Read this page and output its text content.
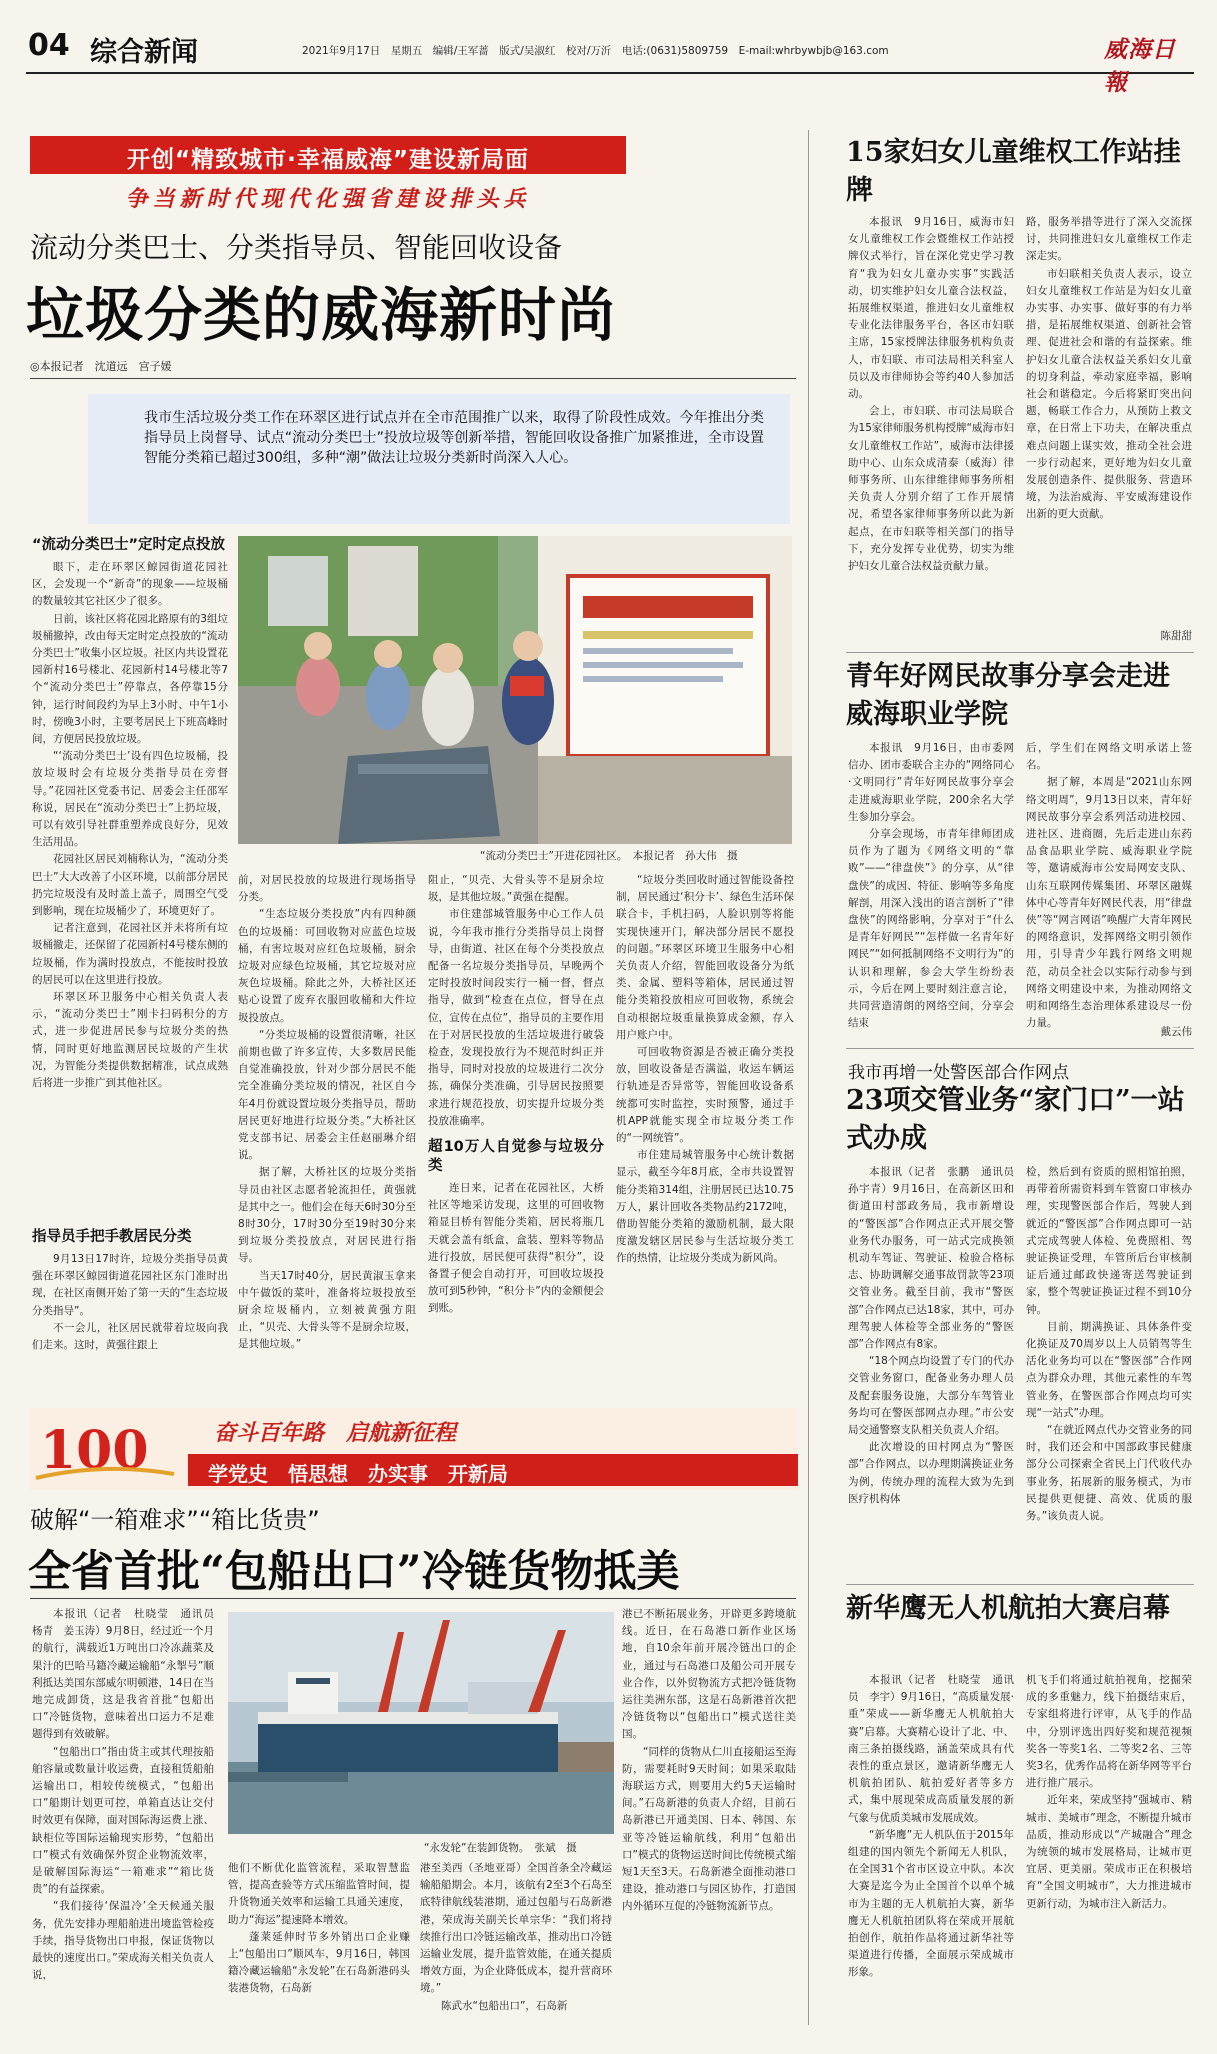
04 综合新闻	2021年9月17日　星期五　编辑/王军蔷　版式/吴淑红　校对/万沂　电话:(0631)5809759　E-mail:whrbywbjb@163.com	威海日報
开创“精致城市·幸福威海”建设新局面
争当新时代现代化强省建设排头兵
流动分类巴士、分类指导员、智能回收设备
垃圾分类的威海新时尚
◎本报记者　沈道远　宫子媛
我市生活垃圾分类工作在环翠区进行试点并在全市范围推广以来，取得了阶段性成效。今年推出分类指导员上岗督导、试点“流动分类巴士”投放垃圾等创新举措，智能回收设备推广加紧推进，全市设置智能分类箱已超过300组，多种“潮”做法让垃圾分类新时尚深入人心。
“流动分类巴士”定时定点投放

眼下，走在环翠区鲸园街道花园社区，会发现一个“新奇”的现象——垃圾桶的数量较其它社区少了很多。

日前，该社区将花园北路原有的3组垃圾桶撤掉，改由每天定时定点投放的“流动分类巴士”收集小区垃圾。社区内共设置花园新村16号楼北、花园新村14号楼北等7个“流动分类巴士”停靠点，各停靠15分钟，运行时间段约为早上3小时、中午1小时，傍晚3小时，主要考居民上下班高峰时间，方便居民投放垃圾。

“‘流动分类巴士’设有四色垃圾桶，投放垃圾时会有垃圾分类指导员在旁督导。”花园社区党委书记、居委会主任邵军称说，居民在“流动分类巴士”上扔垃圾，可以有效引导社群重塑养成良好分，见效生活用品。

花园社区居民刘楠称认为，“流动分类巴士”大大改善了小区环境，以前部分居民扔完垃圾没有及时盖上盖子，周围空气受到影响，现在垃圾桶少了，环境更好了。

记者注意到，花园社区并未将所有垃圾桶撤走，还保留了花园新村4号楼东侧的垃圾桶，作为满时投放点，不能按时投放的居民可以在这里进行投放。

环翠区环卫服务中心相关负责人表示，“流动分类巴士”刚卡扫码积分的方式，进一步促进居民参与垃圾分类的热情，同时更好地监测居民垃圾的产生状况，为智能分类提供数据精准，试点成熟后将进一步推广到其他社区。

指导员手把手教居民分类

9月13日17时许，垃圾分类指导员黄强在环翠区鲸园街道花园社区东门准时出现，在社区南侧开始了第一天的“生态垃圾分类指导”。

不一会儿，社区居民就带着垃圾向我们走来。这时，黄强往跟上

“流动分类巴士”开进花园社区。　本报记者　孙大伟　摄

前，对居民投放的垃圾进行现场指导分类。

“生态垃圾分类投放”内有四种颜色的垃圾桶：可回收物对应蓝色垃圾桶，有害垃圾对应红色垃圾桶，厨余垃圾对应绿色垃圾桶，其它垃圾对应灰色垃圾桶。除此之外，大桥社区还贴心设置了废弃衣服回收桶和大件垃圾投放点。

“分类垃圾桶的设置很清晰，社区前期也做了许多宣传，大多数居民能自觉准确投放，针对少部分居民不能完全准确分类垃圾的情况，社区自今年4月份就设置垃圾分类指导员，帮助居民更好地进行垃圾分类。”大桥社区党支部书记、居委会主任赵丽琳介绍说。

据了解，大桥社区的垃圾分类指导员由社区志愿者轮流担任，黄强就是其中之一。他们会在每天6时30分至8时30分，17时30分至19时30分来到垃圾分类投放点，对居民进行指导。

当天17时40分，居民黄淑玉拿来中午做饭的菜叶，准备将垃圾投放至厨余垃圾桶内，立刻被黄强方阻止，“贝壳、大骨头等不是厨余垃圾，是其他垃圾。”

阻止，“贝壳、大骨头等不是厨余垃圾，是其他垃圾。”黄强在提醒。

市住建部城管服务中心工作人员说，今年我市推行分类指导员上岗督导，由街道、社区在每个分类投放点配备一名垃圾分类指导员，早晚两个定时投放时间段实行一桶一督，督点指导，做到“检查在点位，督导在点位，宣传在点位”，指导员的主要作用在于对居民投放的生活垃圾进行破袋检查，发现投放行为不规范时纠正并指导，同时对投放的垃圾进行二次分拣，确保分类准确，引导居民按照要求进行规范投放，切实提升垃圾分类投放准确率。

超10万人自觉参与垃圾分类

连日来，记者在花园社区，大桥社区等地采访发现，这里的可回收物箱显目桥有智能分类箱，居民将瓶几天就会盖有纸盒，盒装、塑料等物品进行投放，居民便可获得“积分”，设备置子便会自动打开，可回收垃圾投放可到5秒钟，“积分卡”内的金额便会到账。

“垃圾分类回收时通过智能设备控制，居民通过‘积分卡’、绿色生活环保联合卡，手机扫码，人脸识别等将能实现快速开门，解决部分居民不愿投的问题。”环翠区环境卫生服务中心相关负责人介绍，智能回收设备分为纸类、金属、塑料等箱体，居民通过智能分类箱投放相应可回收物，系统会自动根据垃圾重量换算成金额，存入用户账户中。

可回收物资源是否被正确分类投放，回收设备是否满溢，收运车辆运行轨迹是否异常等，智能回收设备系统都可实时监控，实时预警，通过手机APP就能实现全市垃圾分类工作的“一网统管”。

市住建局城管服务中心统计数据显示，截至今年8月底，全市共设置智能分类箱314组，注册居民已达10.75万人，累计回收各类物品约2172吨，借助智能分类箱的激励机制，最大限度激发辖区居民参与生活垃圾分类工作的热情，让垃圾分类成为新风尚。

100	奋斗百年路　启航新征程
学党史　悟思想　办实事　开新局
破解“一箱难求”“箱比货贵”
全省首批“包船出口”冷链货物抵美

本报讯（记者　杜晓莹　通讯员　杨青　姜玉涛）9月8日，经过近一个月的航行，满载近1万吨出口冷冻蔬菜及果汁的巴哈马籍冷藏运输船“永掣号”顺利抵达美国东部威尔明顿港，14日在当地完成卸货，这是我省首批“包船出口”冷链货物，意味着出口运力不足难题得到有效破解。

“包船出口”指由货主或其代理按船舶容量或数量计收运费，直接租赁船舶运输出口，相较传统模式，“包船出口”船期计划更可控，单箱直达让交付时效更有保障，面对国际海运费上涨、缺柜位等国际运输现实形势，“包船出口”模式有效确保外贸企业物流效率，是破解国际海运“一箱难求”“箱比货贵”的有益探索。

“我们接待‘保温冷’全天候通关服务，优先安排办理船舶进出境监管检疫手续，指导货物出口申报，保证货物以最快的速度出口。”荣成海关相关负责人说，

“永发轮”在装卸货物。　张斌　摄

他们不断优化监管流程，采取智慧监管，提高查验等方式压缩监管时间，提升货物通关效率和运输工具通关速度，助力“海运”提速降本增效。

蓬莱延伸时节多外销出口企业赚上“包船出口”顺风车，9月16日，韩国籍冷藏运输船“永发轮”在石岛新港码头装港货物，石岛新

港至美西（圣地亚哥）全国首条全冷藏运输船船期会。本月，该航有2至3个石岛至底特律航线装港期，通过包船与石岛新港港，荣成海关副关长单宗华：“我们将持续推行出口冷链运输改革，推动出口冷链运输业发展，提升监管效能，在通关提质增效方面，为企业降低成本，提升营商环境。”

陈武水“包船出口”，石岛新

港已不断拓展业务，开辟更多跨境航线。近日，在石岛港口新作业区场地，自10余年前开展冷链出口的企业，通过与石岛港口及船公司开展专业合作，以外贸物流方式把冷链货物运往美洲东部，这是石岛新港首次把冷链货物以“包船出口”模式送往美国。

“同样的货物从仁川直接船运至海防，需要耗时9天时间；如果采取陆海联运方式，则要用大约5天运输时间。”石岛新港的负责人介绍，目前石岛新港已开通美国、日本、韩国、东亚等冷链运输航线，利用“包船出口”模式的货物运送时间比传统模式缩短1天至3天。石岛新港全面推动港口建设，推动港口与园区协作，打造国内外循环互促的冷链物流新节点。

15家妇女儿童维权工作站挂牌

本报讯　9月16日，威海市妇女儿童维权工作会暨维权工作站授牌仪式举行，旨在深化党史学习教育“我为妇女儿童办实事”实践活动，切实维护妇女儿童合法权益，拓展维权渠道，推进妇女儿童维权专业化法律服务平台，各区市妇联主席，15家授牌法律服务机构负责人，市妇联、市司法局相关科室人员以及市律师协会等约40人参加活动。

会上，市妇联、市司法局联合为15家律师服务机构授牌“威海市妇女儿童维权工作站”，威海市法律援助中心、山东众成清泰（威海）律师事务所、山东律维律师事务所相关负责人分别介绍了工作开展情况，希望各家律师事务所以此为新起点，在市妇联等相关部门的指导下，充分发挥专业优势，切实为维护妇女儿童合法权益贡献力量。

路，服务举措等进行了深入交流探讨，共同推进妇女儿童维权工作走深走实。

市妇联相关负责人表示，设立妇女儿童维权工作站是为妇女儿童办实事、办实事、做好事的有力举措，是拓展维权渠道、创新社会管理、促进社会和谐的有益探索。维护妇女儿童合法权益关系妇女儿童的切身利益，牵动家庭幸福，影响社会和谐稳定。今后将紧盯突出问题，畅联工作合力，从预防上救文章，在日常上下功夫，在解决重点难点问题上谋实效，推动全社会进一步行动起来，更好地为妇女儿童发展创造条件、提供服务、营造环境，为法治威海、平安威海建设作出新的更大贡献。

陈甜甜
青年好网民故事分享会走进威海职业学院

本报讯　9月16日，由市委网信办、团市委联合主办的“网络同心·文明同行”青年好网民故事分享会走进威海职业学院，200余名大学生参加分享会。

分享会现场，市青年律师团成员作为了题为《网络文明的“靠败”——“律盘侠”》的分享，从“律盘侠”的成因、特征、影响等多角度解剖，用深入浅出的语言剖析了“律盘侠”的网络影响，分享对于“什么是青年好网民”“怎样做一名青年好网民”“如何抵制网络不文明行为”的认识和理解，参会大学生纷纷表示，今后在网上要时刻注意言论，共同营造清朗的网络空间，分享会结束

后，学生们在网络文明承诺上签名。

据了解，本周是“2021山东网络文明周”，9月13日以来，青年好网民故事分享会系列活动进校园、进社区、进商圈，先后走进山东药品食品职业学院、威海职业学院等，邀请威海市公安局网安支队、山东互联网传媒集团、环翠区融媒体中心等青年好网民代表，用“律盘侠”等“网言网语”唤醒广大青年网民的网络意识，发挥网络文明引领作用，引导青少年践行网络文明规范，动员全社会以实际行动参与到网络文明建设中来，为推动网络文明和网络生态治理体系建设尽一份力量。

戴云伟
我市再增一处警医部合作网点
23项交管业务“家门口”一站式办成

本报讯（记者　张鹏　通讯员　孙宇青）9月16日，在高新区田和街道田村部政务局，我市新增设的“警医部”合作网点正式开展交警业务代办服务，可一站式完成换领机动车驾证、驾驶证、检验合格标志、协助调解交通事故罚款等23项交管业务。截至目前，我市“警医部”合作网点已达18家，其中，可办理驾驶人体检等全部业务的“警医部”合作网点有8家。

“18个网点均设置了专门的代办交管业务窗口，配备业务办理人员及配套服务设施，大部分车驾管业务均可在警医部网点办理。”市公安局交通警察支队相关负责人介绍。

此次增设的田村网点为“警医部”合作网点，以办理期满换证业务为例，传统办理的流程大致为先到医疗机构体

检，然后到有资质的照相馆拍照，再带着所需资料到车管窗口审核办理，实现警医部合作后，驾驶人到就近的“警医部”合作网点即可一站式完成驾驶人体检、免费照相、驾驶证换证受理，车管所后台审核制证后通过邮政快递寄送驾驶证到家，整个驾驶证换证过程不到10分钟。

目前，期满换证、具体条件变化换证及70周岁以上人员销驾等生活化业务均可以在“警医部”合作网点为群众办理，其他元素性的车驾管业务，在警医部合作网点均可实现“一站式”办理。

“在就近网点代办交管业务的同时，我们还会和中国部政事民健康部分公司探索全省民上门代收代办事业务，拓展新的服务模式，为市民提供更便捷、高效、优质的服务。”该负责人说。

新华鹰无人机航拍大赛启幕

本报讯（记者　杜晓莹　通讯员　李宇）9月16日，“高质量发展·重”荣成——新华鹰无人机航拍大赛”启幕。大赛精心设计了北、中、南三条拍摄线路，涵盖荣成具有代表性的重点景区，邀请新华鹰无人机航拍团队、航拍爱好者等多方式，集中展现荣成高质量发展的新气象与优质美城市发展成效。

“新华鹰”无人机队伍于2015年组建的国内领先个新闻无人机队，在全国31个省市区设立中队。本次大赛是迄今为止全国首个以单个城市为主题的无人机航拍大赛，新华鹰无人机航拍团队将在荣成开展航拍创作，航拍作品将通过新华社等渠道进行传播，全面展示荣成城市形象。

机飞手们将通过航拍视角，挖掘荣成的多重魅力，线下拍摄结束后，专家组将进行评审，从飞手的作品中，分别评选出四好奖和规范视频奖各一等奖1名、二等奖2名、三等奖3名，优秀作品将在新华网等平台进行推广展示。

近年来，荣成坚持“强城市、精城市、美城市”理念，不断提升城市品质，推动形成以“产城融合”理念为统领的城市发展格局，让城市更宜居、更美丽。荣成市正在积极培育“全国文明城市”，大力推进城市更新行动，为城市注入新活力。
